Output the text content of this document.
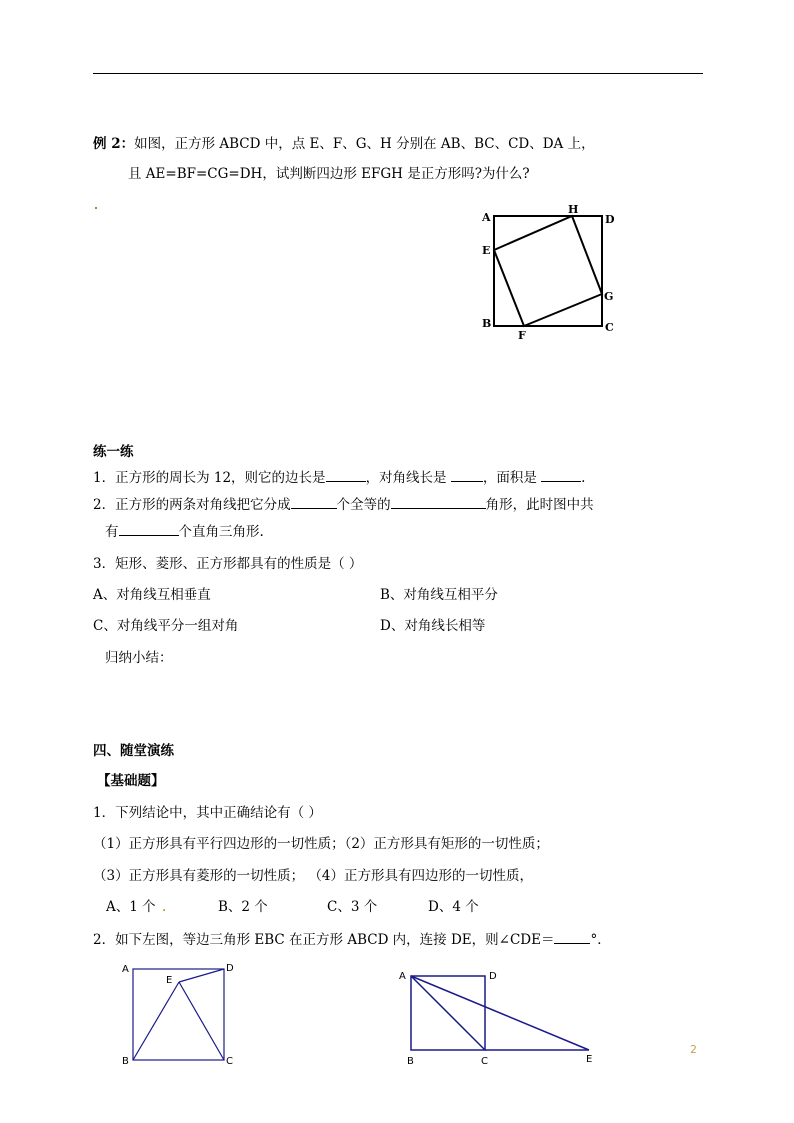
例 2：如图，正方形 ABCD 中，点 E、F、G、H 分别在 AB、BC、CD、DA 上，
且 AE=BF=CG=DH，试判断四边形 EFGH 是正方形吗?为什么?
A
H
D
E
G
B	C
F
练一练
1．正方形的周长为 12，则它的边长是	，对角线长是	，面积是	.
2．正方形的两条对角线把它分成	个全等的	角形，此时图中共
有	个直角三角形.
3．矩形、菱形、正方形都具有的性质是（ ）
A、对角线互相垂直	B、对角线互相平分
C、对角线平分一组对角	D、对角线长相等
归纳小结：
四、随堂演练
【基础题】
1．下列结论中，其中正确结论有（ ）
（1）正方形具有平行四边形的一切性质；（2）正方形具有矩形的一切性质；
（3）正方形具有菱形的一切性质； （4）正方形具有四边形的一切性质，
A、1 个 .	B、2 个	C、3 个	D、4 个
2．如下左图，等边三角形 EBC 在正方形 ABCD 内，连接 DE，则∠CDE＝	°．
A	D
E
B	C
A	D
B	C	E
2
